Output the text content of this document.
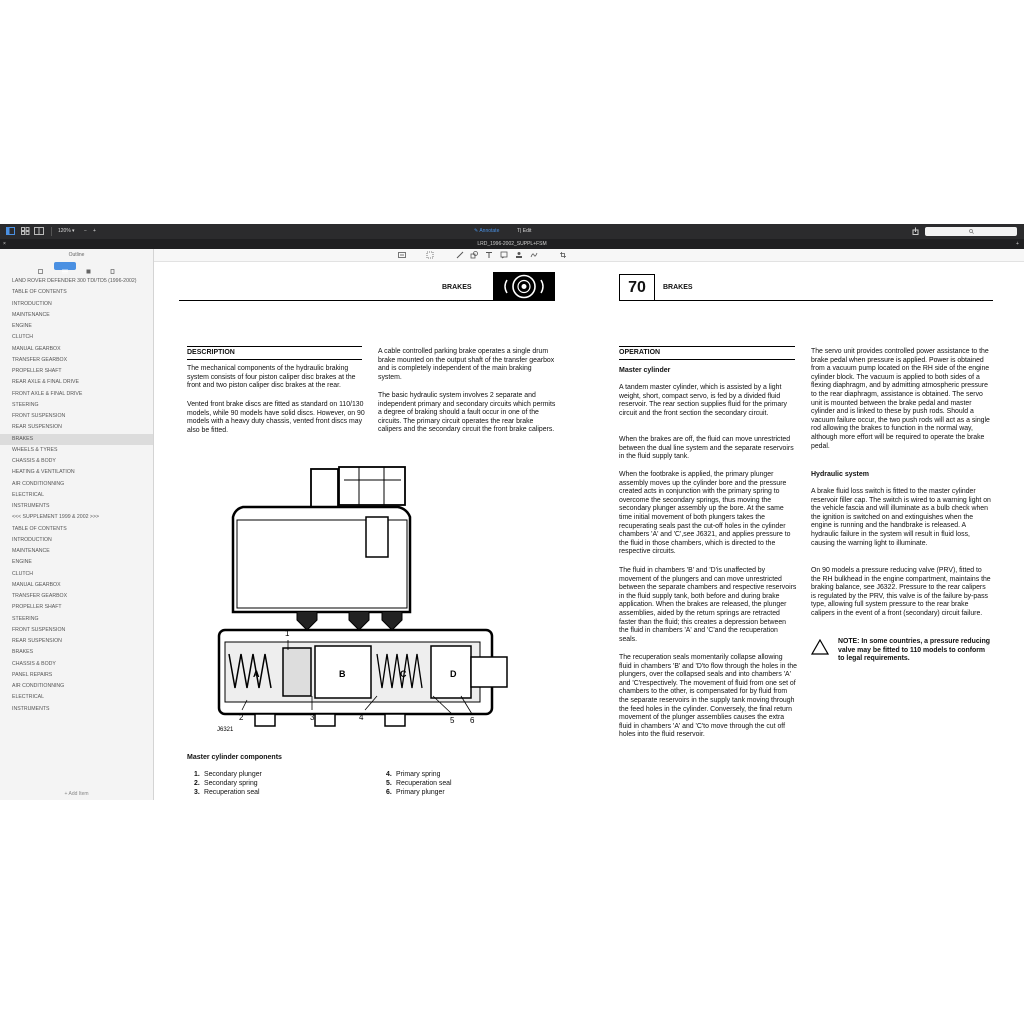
120% ▾ − +	✎ Annotate	T| Edit
×	LRD_1996-2002_SUPPL+FSM	+
Outline
LAND ROVER DEFENDER 300 TDI/TD5 (1996-2002)
TABLE OF CONTENTS
INTRODUCTION
MAINTENANCE
ENGINE
CLUTCH
MANUAL GEARBOX
TRANSFER GEARBOX
PROPELLER SHAFT
REAR AXLE & FINAL DRIVE
FRONT AXLE & FINAL DRIVE
STEERING
FRONT SUSPENSION
REAR SUSPENSION
BRAKES
WHEELS & TYRES
CHASSIS & BODY
HEATING & VENTILATION
AIR CONDITIONNING
ELECTRICAL
INSTRUMENTS
<<< SUPPLEMENT 1999 & 2002 >>>
TABLE OF CONTENTS
INTRODUCTION
MAINTENANCE
ENGINE
CLUTCH
MANUAL GEARBOX
TRANSFER GEARBOX
PROPELLER SHAFT
STEERING
FRONT SUSPENSION
REAR SUSPENSION
BRAKES
CHASSIS & BODY
PANEL REPAIRS
AIR CONDITIONNING
ELECTRICAL
INSTRUMENTS
+ Add Item
BRAKES
DESCRIPTION

The mechanical components of the hydraulic braking system consists of four piston caliper disc brakes at the front and two piston caliper disc brakes at the rear.

Vented front brake discs are fitted as standard on 110/130 models, while 90 models have solid discs. However, on 90 models with a heavy duty chassis, vented front discs may also be fitted.

A cable controlled parking brake operates a single drum brake mounted on the output shaft of the transfer gearbox and is completely independent of the main braking system.

The basic hydraulic system involves 2 separate and independent primary and secondary circuits which permits a degree of braking should a fault occur in one of the circuits. The primary circuit operates the rear brake calipers and the secondary circuit the front brake calipers.

A	B	C	D
1
2	3	4	5 6
J6321
Master cylinder components
1. Secondary plunger
2. Secondary spring
3. Recuperation seal
4. Primary spring
5. Recuperation seal
6. Primary plunger
70	BRAKES
OPERATION
Master cylinder

A tandem master cylinder, which is assisted by a light weight, short, compact servo, is fed by a divided fluid reservoir. The rear section supplies fluid for the primary circuit and the front section the secondary circuit.

When the brakes are off, the fluid can move unrestricted between the dual line system and the separate reservoirs in the fluid supply tank.

When the footbrake is applied, the primary plunger assembly moves up the cylinder bore and the pressure created acts in conjunction with the primary spring to overcome the secondary springs, thus moving the secondary plunger assembly up the bore. At the same time initial movement of both plungers takes the recuperating seals past the cut-off holes in the cylinder chambers 'A' and 'C',see J6321, and applies pressure to the fluid in those chambers, which is directed to the respective circuits.

The fluid in chambers 'B' and 'D'is unaffected by movement of the plungers and can move unrestricted between the separate chambers and respective reservoirs in the fluid supply tank, both before and during brake application. When the brakes are released, the plunger assemblies, aided by the return springs are retracted faster than the fluid; this creates a depression between the fluid in chambers 'A' and 'C'and the recuperation seals.

The recuperation seals momentarily collapse allowing fluid in chambers 'B' and 'D'to flow through the holes in the plungers, over the collapsed seals and into chambers 'A' and 'C'respectively. The movement of fluid from one set of chambers to the other, is compensated for by fluid from the separate reservoirs in the supply tank moving through the feed holes in the cylinder. Conversely, the final return movement of the plunger assemblies causes the extra fluid in chambers 'A' and 'C'to move through the cut off holes into the fluid reservoir.

The servo unit provides controlled power assistance to the brake pedal when pressure is applied. Power is obtained from a vacuum pump located on the RH side of the engine cylinder block. The vacuum is applied to both sides of a flexing diaphragm, and by admitting atmospheric pressure to the rear diaphragm, assistance is obtained. The servo unit is mounted between the brake pedal and master cylinder and is linked to these by push rods. Should a vacuum failure occur, the two push rods will act as a single rod allowing the brakes to function in the normal way, although more effort will be required to operate the brake pedal.

Hydraulic system

A brake fluid loss switch is fitted to the master cylinder reservoir filler cap. The switch is wired to a warning light on the vehicle fascia and will illuminate as a bulb check when the ignition is switched on and extinguishes when the engine is running and the handbrake is released. A hydraulic failure in the system will result in fluid loss, causing the warning light to illuminate.

On 90 models a pressure reducing valve (PRV), fitted to the RH bulkhead in the engine compartment, maintains the braking balance, see J6322. Pressure to the rear calipers is regulated by the PRV, this valve is of the failure by-pass type, allowing full system pressure to the rear brake calipers in the event of a front (secondary) circuit failure.

NOTE: In some countries, a pressure reducing valve may be fitted to 110 models to conform to legal requirements.
